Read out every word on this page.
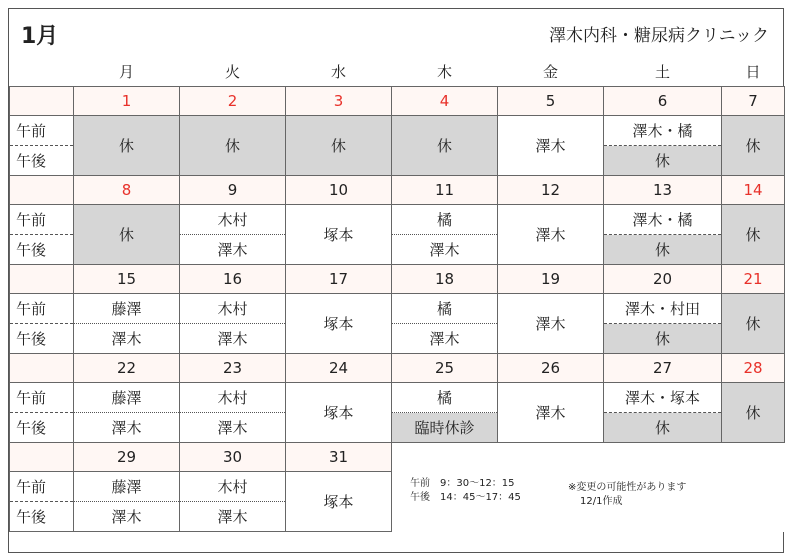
1月	澤木内科・糖尿病クリニック
	月	火	水	木	金	土	日
	1	2	3	4	5	6	7
午前	休	休	休	休	澤木	澤木・橘	休
午後						休	
	8	9	10	11	12	13	14
午前	休	木村	塚本	橘	澤木	澤木・橘	休
午後		澤木		澤木		休	
	15	16	17	18	19	20	21
午前	藤澤	木村	塚本	橘	澤木	澤木・村田	休
午後	澤木	澤木		澤木		休	
	22	23	24	25	26	27	28
午前	藤澤	木村	塚本	橘	澤木	澤木・塚本	休
午後	澤木	澤木		臨時休診		休	
	29	30	31				
午前	藤澤	木村	塚本				
午後	澤木	澤木					
午前　9：30～12：15
午後　14：45～17：45
※変更の可能性があります
12/1作成
